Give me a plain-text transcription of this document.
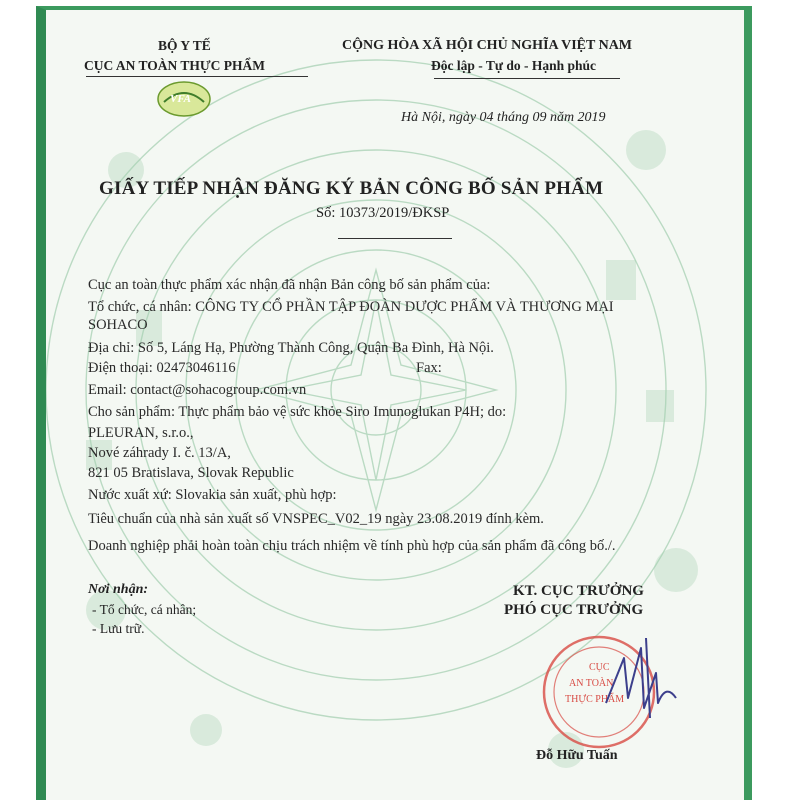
BỘ Y TẾ
CỤC AN TOÀN THỰC PHẨM
VFA
CỘNG HÒA XÃ HỘI CHỦ NGHĨA VIỆT NAM
Độc lập - Tự do - Hạnh phúc
Hà Nội, ngày 04 tháng 09 năm 2019
GIẤY TIẾP NHẬN ĐĂNG KÝ BẢN CÔNG BỐ SẢN PHẨM
Số: 10373/2019/ĐKSP
Cục an toàn thực phẩm xác nhận đã nhận Bản công bố sản phẩm của:
Tổ chức, cá nhân: CÔNG TY CỔ PHẦN TẬP ĐOÀN DƯỢC PHẨM VÀ THƯƠNG MẠI
SOHACO
Địa chỉ: Số 5, Láng Hạ, Phường Thành Công, Quận Ba Đình, Hà Nội.
Điện thoại: 02473046116	Fax:
Email: contact@sohacogroup.com.vn
Cho sản phẩm: Thực phẩm bảo vệ sức khỏe Siro Imunoglukan P4H; do:
PLEURAN, s.r.o.,
Nové záhrady I. č. 13/A,
821 05 Bratislava, Slovak Republic
Nước xuất xứ: Slovakia sản xuất, phù hợp:
Tiêu chuẩn của nhà sản xuất số VNSPEC_V02_19 ngày 23.08.2019 đính kèm.
Doanh nghiệp phải hoàn toàn chịu trách nhiệm về tính phù hợp của sản phẩm đã công bố./.
Nơi nhận:
- Tổ chức, cá nhân;
- Lưu trữ.
KT. CỤC TRƯỞNG
PHÓ CỤC TRƯỞNG
CỤC
AN TOÀN
THỰC PHẨM
Đỗ Hữu Tuấn
